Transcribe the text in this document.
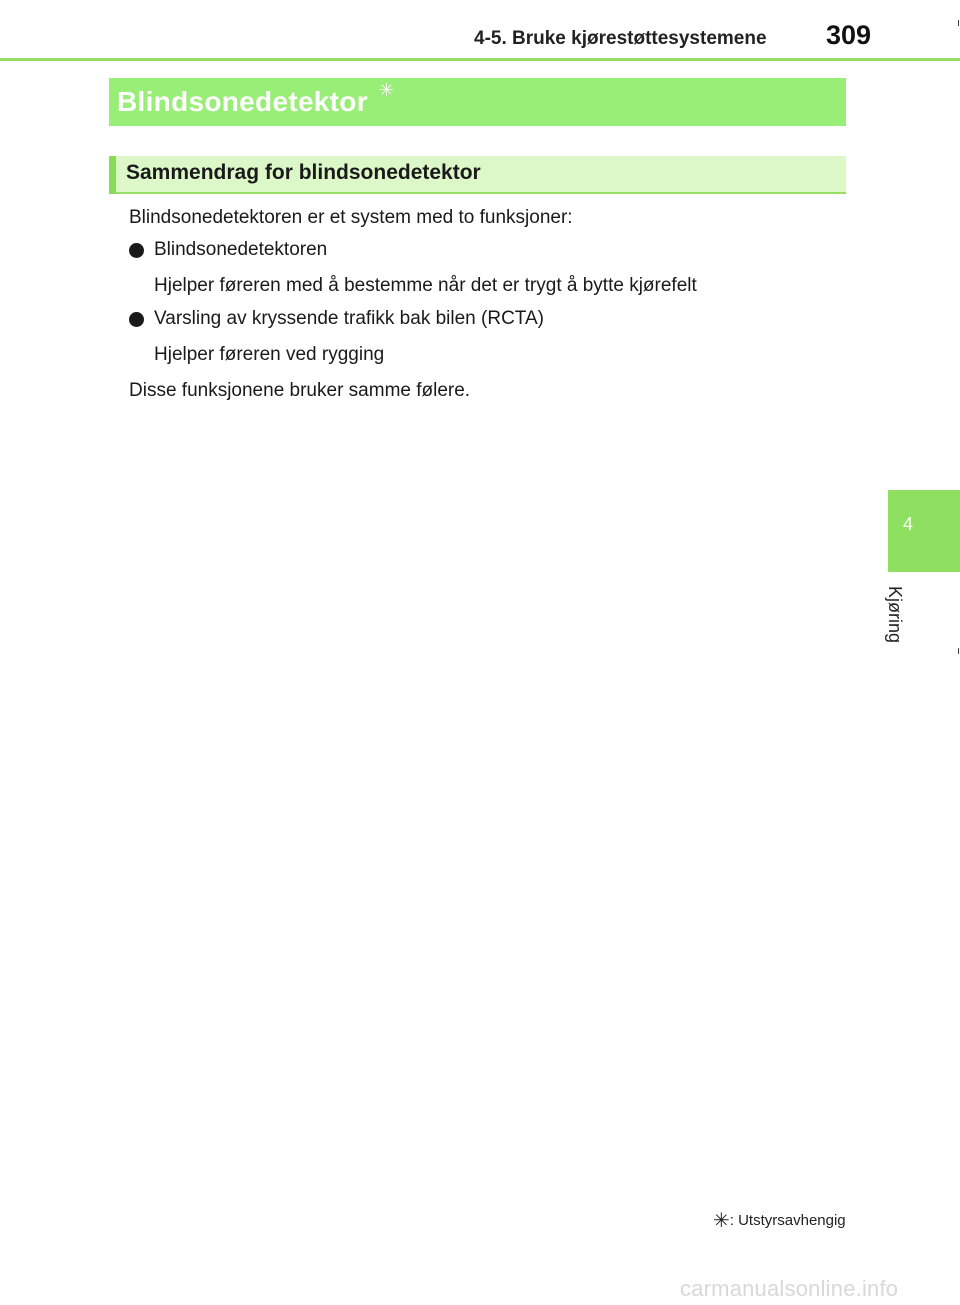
4-5. Bruke kjørestøttesystemene 309
4
Kjøring
Blindsonedetektor ✳
Sammendrag for blindsonedetektor
Blindsonedetektoren er et system med to funksjoner:
Blindsonedetektoren
Hjelper føreren med å bestemme når det er trygt å bytte kjørefelt
Varsling av kryssende trafikk bak bilen (RCTA)
Hjelper føreren ved rygging
Disse funksjonene bruker samme følere.
✳: Utstyrsavhengig
carmanualsonline.info
